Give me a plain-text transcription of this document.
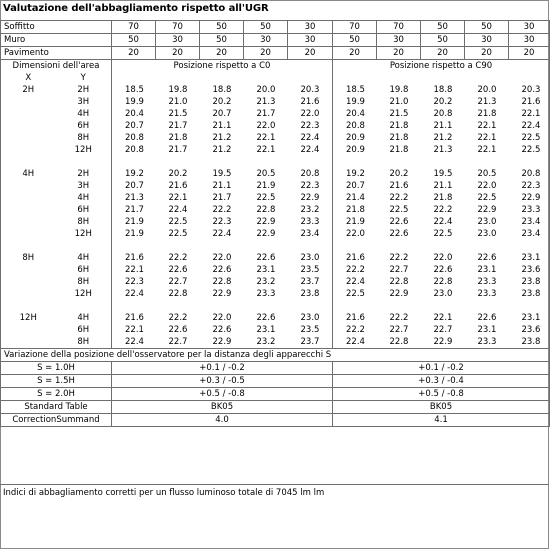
Valutazione dell'abbagliamento rispetto all'UGR
Soffitto		70	70	50	50	30	70	70	50	50	30
Muro		50	30	50	30	30	50	30	50	30	30
Pavimento		20	20	20	20	20	20	20	20	20	20
Dimensioni dell'area		Posizione rispetto a C0					Posizione rispetto a C90				
X	Y										
2H	2H	18.5	19.8	18.8	20.0	20.3	18.5	19.8	18.8	20.0	20.3
	3H	19.9	21.0	20.2	21.3	21.6	19.9	21.0	20.2	21.3	21.6
	4H	20.4	21.5	20.7	21.7	22.0	20.4	21.5	20.8	21.8	22.1
	6H	20.7	21.7	21.1	22.0	22.3	20.8	21.8	21.1	22.1	22.4
	8H	20.8	21.8	21.2	22.1	22.4	20.9	21.8	21.2	22.1	22.5
	12H	20.8	21.7	21.2	22.1	22.4	20.9	21.8	21.3	22.1	22.5

4H	2H	19.2	20.2	19.5	20.5	20.8	19.2	20.2	19.5	20.5	20.8
	3H	20.7	21.6	21.1	21.9	22.3	20.7	21.6	21.1	22.0	22.3
	4H	21.3	22.1	21.7	22.5	22.9	21.4	22.2	21.8	22.5	22.9
	6H	21.7	22.4	22.2	22.8	23.2	21.8	22.5	22.2	22.9	23.3
	8H	21.9	22.5	22.3	22.9	23.3	21.9	22.6	22.4	23.0	23.4
	12H	21.9	22.5	22.4	22.9	23.4	22.0	22.6	22.5	23.0	23.4

8H	4H	21.6	22.2	22.0	22.6	23.0	21.6	22.2	22.0	22.6	23.1
	6H	22.1	22.6	22.6	23.1	23.5	22.2	22.7	22.6	23.1	23.6
	8H	22.3	22.7	22.8	23.2	23.7	22.4	22.8	22.8	23.3	23.8
	12H	22.4	22.8	22.9	23.3	23.8	22.5	22.9	23.0	23.3	23.8

12H	4H	21.6	22.2	22.0	22.6	23.0	21.6	22.2	22.1	22.6	23.1
	6H	22.1	22.6	22.6	23.1	23.5	22.2	22.7	22.7	23.1	23.6
	8H	22.4	22.7	22.9	23.2	23.7	22.4	22.8	22.9	23.3	23.8
Variazione della posizione dell'osservatore per la distanza degli apparecchi S											
S = 1.0H		+0.1 / -0.2					+0.1 / -0.2				
S = 1.5H		+0.3 / -0.5					+0.3 / -0.4				
S = 2.0H		+0.5 / -0.8					+0.5 / -0.8				
Standard Table		BK05					BK05				
CorrectionSummand		4.0					4.1				
Indici di abbagliamento corretti per un flusso luminoso totale di 7045 lm lm
